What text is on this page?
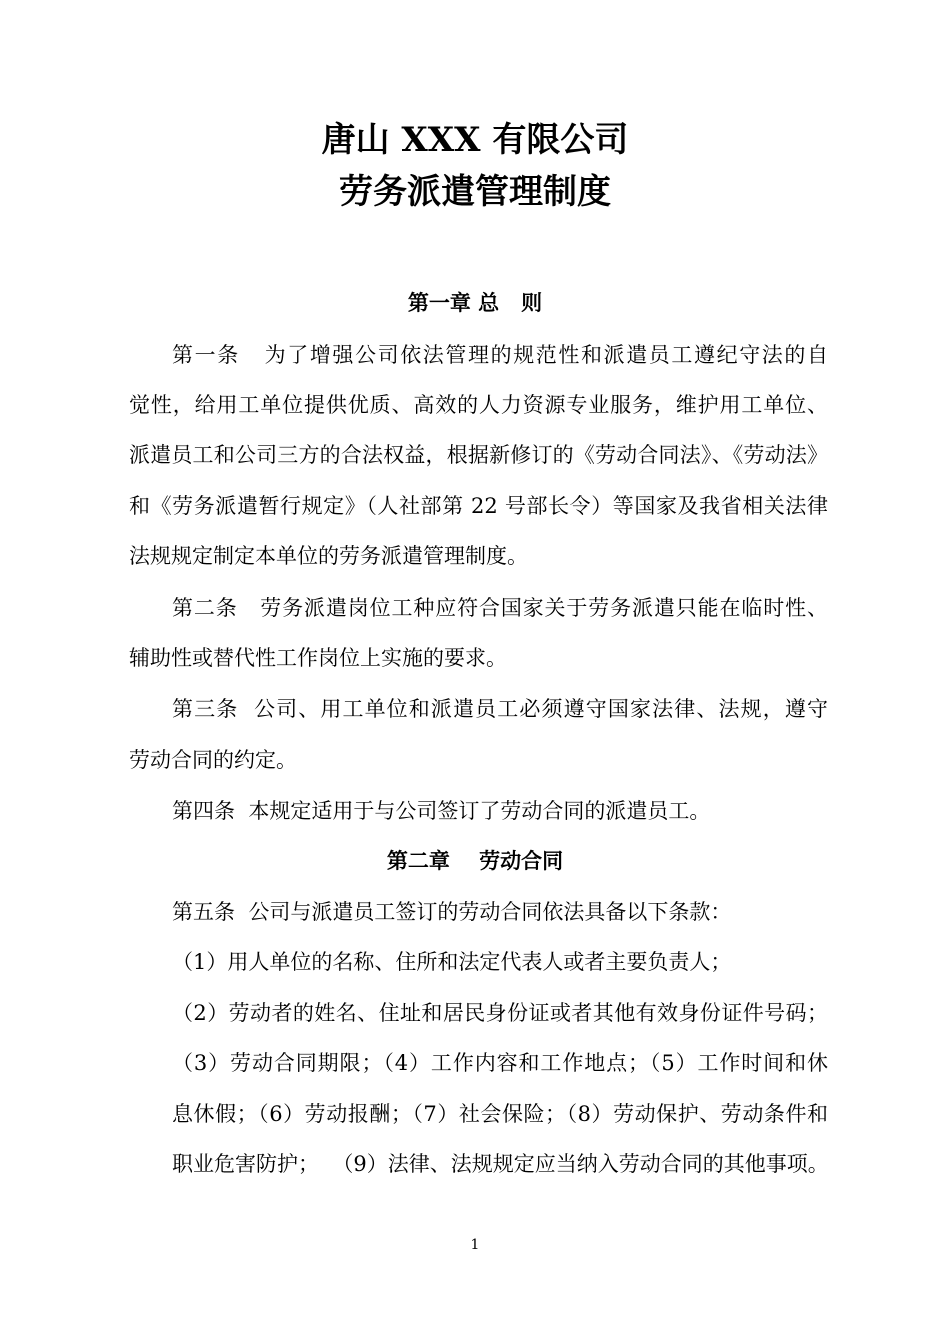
唐山 XXX 有限公司
劳务派遣管理制度
第一章 总   则
第一条   为了增强公司依法管理的规范性和派遣员工遵纪守法的自
觉性，给用工单位提供优质、高效的人力资源专业服务，维护用工单位、
派遣员工和公司三方的合法权益，根据新修订的《劳动合同法》、《劳动法》
和《劳务派遣暂行规定》（人社部第 22 号部长令）等国家及我省相关法律
法规规定制定本单位的劳务派遣管理制度。
第二条   劳务派遣岗位工种应符合国家关于劳务派遣只能在临时性、
辅助性或替代性工作岗位上实施的要求。
第三条  公司、用工单位和派遣员工必须遵守国家法律、法规，遵守
劳动合同的约定。
第四条  本规定适用于与公司签订了劳动合同的派遣员工。
第二章    劳动合同
第五条  公司与派遣员工签订的劳动合同依法具备以下条款：
（1）用人单位的名称、住所和法定代表人或者主要负责人；
（2）劳动者的姓名、住址和居民身份证或者其他有效身份证件号码；
（3）劳动合同期限；（4）工作内容和工作地点；（5）工作时间和休
息休假；（6）劳动报酬；（7）社会保险；（8）劳动保护、劳动条件和
职业危害防护；  （9）法律、法规规定应当纳入劳动合同的其他事项。
1
